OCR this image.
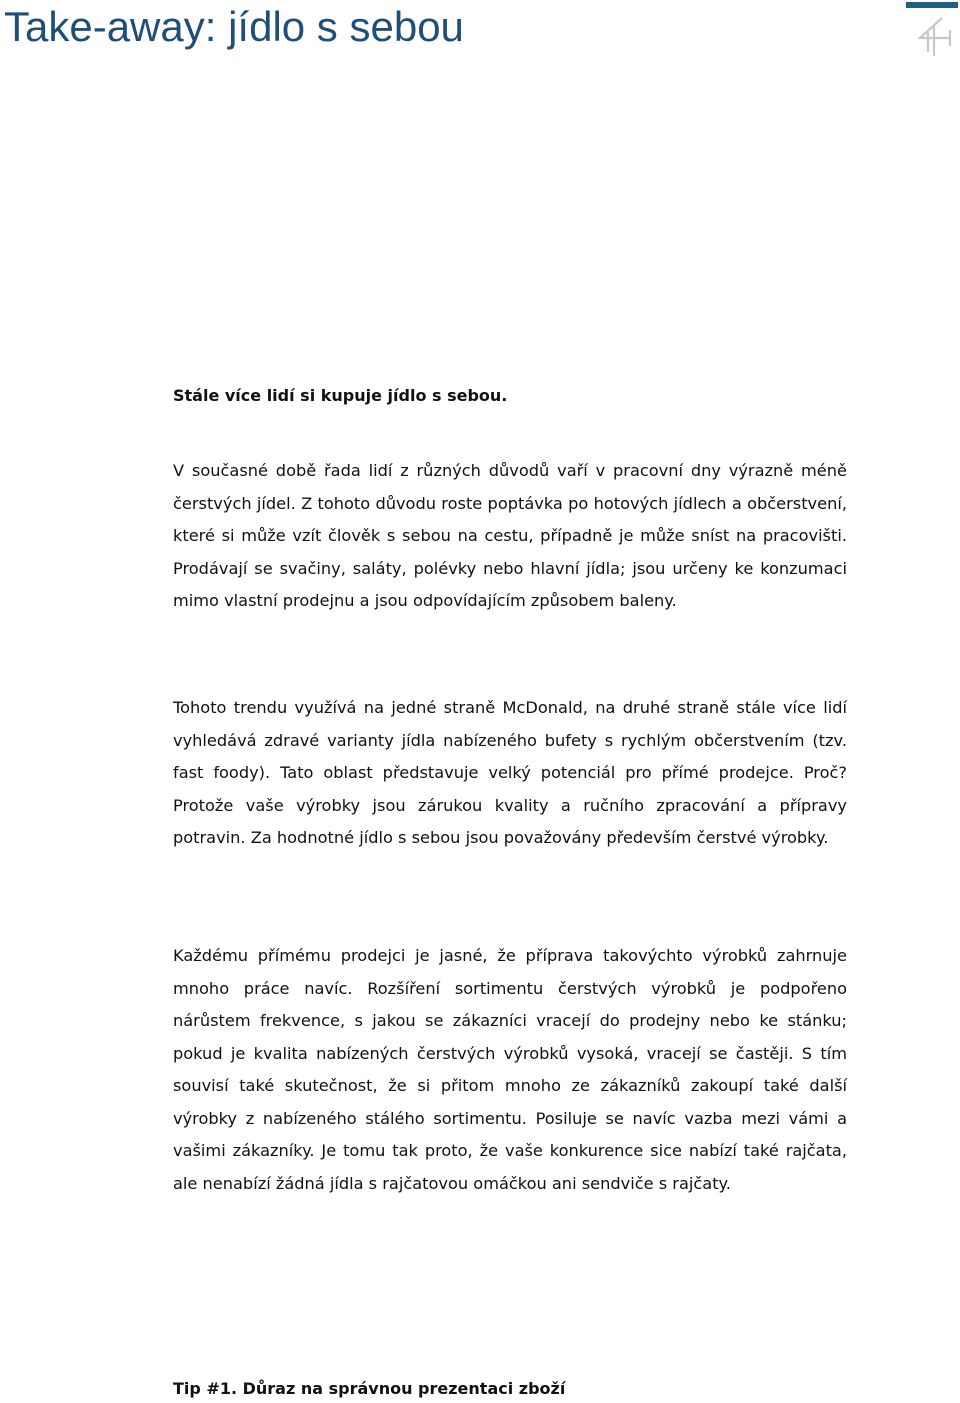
Take-away: jídlo s sebou

Stále více lidí si kupuje jídlo s sebou.

V současné době řada lidí z různých důvodů vaří v pracovní dny výrazně méně čerstvých jídel. Z tohoto důvodu roste poptávka po hotových jídlech a občerstvení, které si může vzít člověk s sebou na cestu, případně je může sníst na pracovišti. Prodávají se svačiny, saláty, polévky nebo hlavní jídla; jsou určeny ke konzumaci mimo vlastní prodejnu a jsou odpovídajícím způsobem baleny.

Tohoto trendu využívá na jedné straně McDonald, na druhé straně stále více lidí vyhledává zdravé varianty jídla nabízeného bufety s rychlým občerstvením (tzv. fast foody). Tato oblast představuje velký potenciál pro přímé prodejce. Proč? Protože vaše výrobky jsou zárukou kvality a ručního zpracování a přípravy potravin. Za hodnotné jídlo s sebou jsou považovány především čerstvé výrobky.

Každému přímému prodejci je jasné, že příprava takovýchto výrobků zahrnuje mnoho práce navíc. Rozšíření sortimentu čerstvých výrobků je podpořeno nárůstem frekvence, s jakou se zákazníci vracejí do prodejny nebo ke stánku; pokud je kvalita nabízených čerstvých výrobků vysoká, vracejí se častěji. S tím souvisí také skutečnost, že si přitom mnoho ze zákazníků zakoupí také další výrobky z nabízeného stálého sortimentu. Posiluje se navíc vazba mezi vámi a vašimi zákazníky. Je tomu tak proto, že vaše konkurence sice nabízí také rajčata, ale nenabízí žádná jídla s rajčatovou omáčkou ani sendviče s rajčaty.

Tip #1. Důraz na správnou prezentaci zboží
